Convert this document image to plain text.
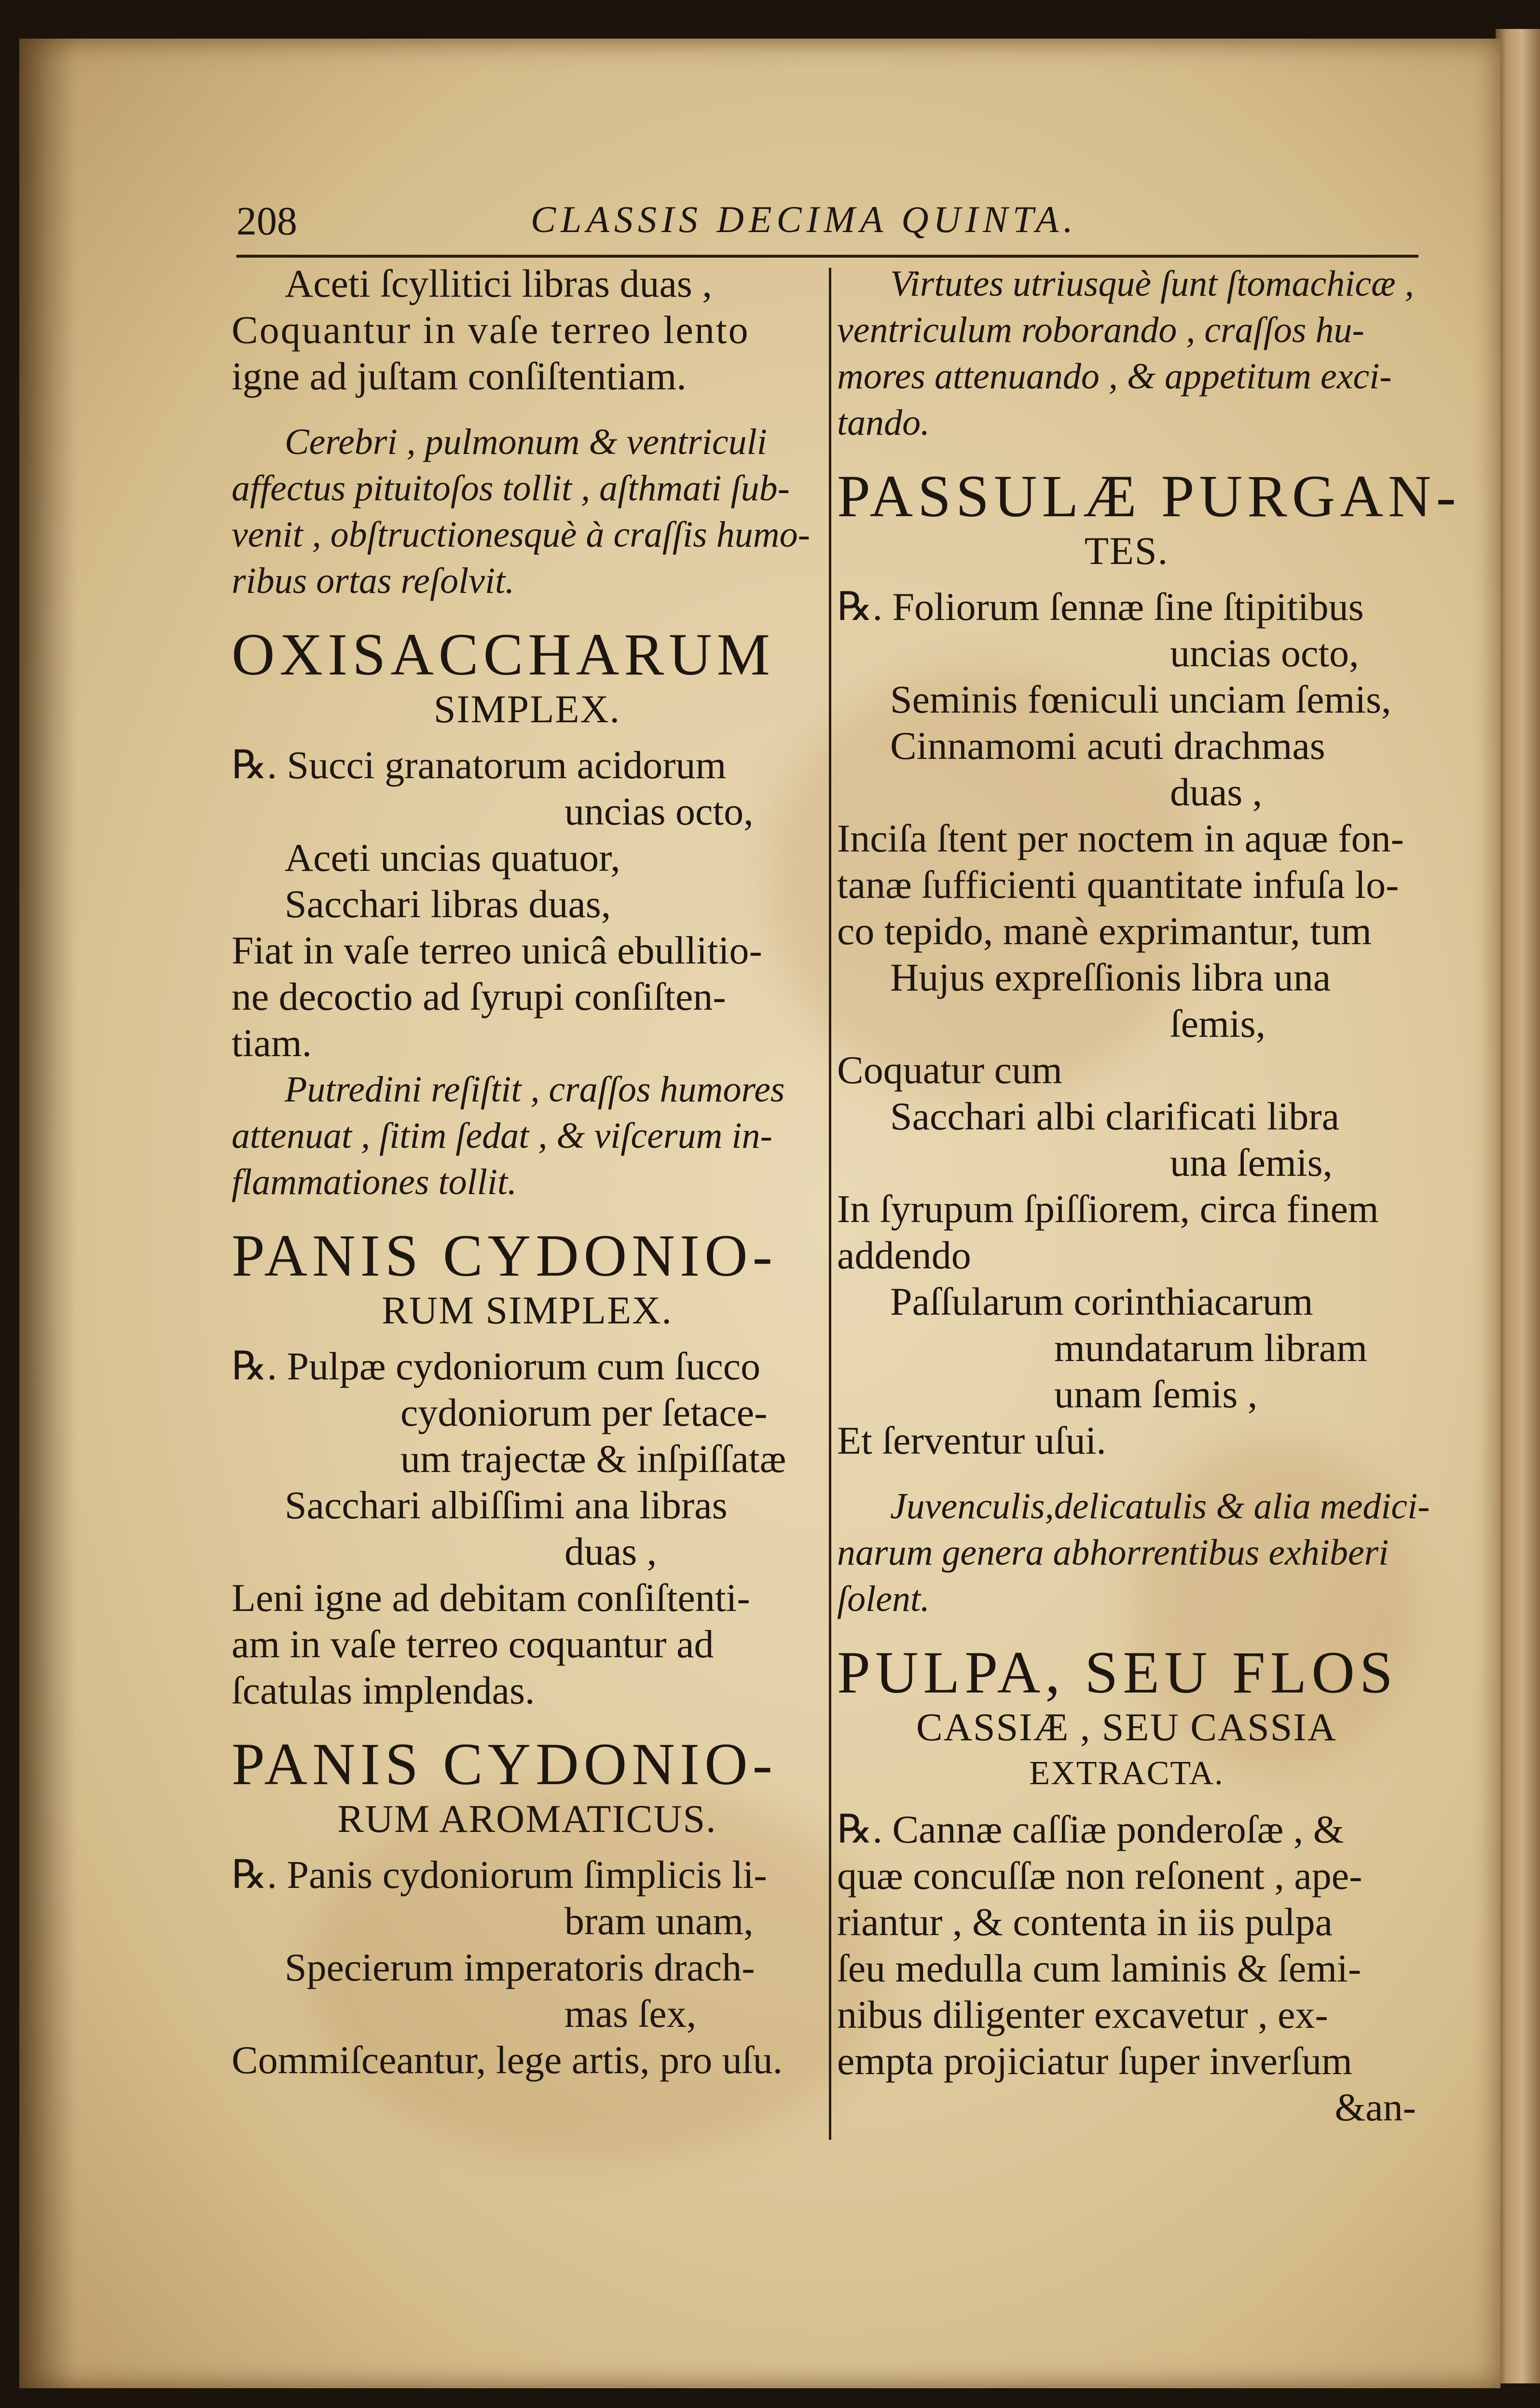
208	CLASSIS DECIMA QUINTA.
Aceti ſcyllitici libras duas ,
Coquantur in vaſe terreo lento
igne ad juſtam conſiſtentiam.
Cerebri , pulmonum & ventriculi
affectus pituitoſos tollit , aſthmati ſub-
venit , obſtructionesquè à craſſis humo-
ribus ortas reſolvit.
OXISACCHARUM
SIMPLEX.
℞. Succi granatorum acidorum
uncias octo,
Aceti uncias quatuor,
Sacchari libras duas,
Fiat in vaſe terreo unicâ ebullitio-
ne decoctio ad ſyrupi conſiſten-
tiam.
Putredini reſiſtit , craſſos humores
attenuat , ſitim ſedat , & viſcerum in-
flammationes tollit.
PANIS CYDONIO-
RUM SIMPLEX.
℞. Pulpæ cydoniorum cum ſucco
cydoniorum per ſetace-
um trajectæ & inſpiſſatæ
Sacchari albiſſimi ana libras
duas ,
Leni igne ad debitam conſiſtenti-
am in vaſe terreo coquantur ad
ſcatulas implendas.
PANIS CYDONIO-
RUM AROMATICUS.
℞. Panis cydoniorum ſimplicis li-
bram unam,
Specierum imperatoris drach-
mas ſex,
Commiſceantur, lege artis, pro uſu.
Virtutes utriusquè ſunt ſtomachicæ ,
ventriculum roborando , craſſos hu-
mores attenuando , & appetitum exci-
tando.
PASSULÆ PURGAN-
TES.
℞. Foliorum ſennæ ſine ſtipitibus
uncias octo,
Seminis fœniculi unciam ſemis,
Cinnamomi acuti drachmas
duas ,
Inciſa ſtent per noctem in aquæ fon-
tanæ ſufficienti quantitate infuſa lo-
co tepido, manè exprimantur, tum
Hujus expreſſionis libra una
ſemis,
Coquatur cum
Sacchari albi clarificati libra
una ſemis,
In ſyrupum ſpiſſiorem, circa finem
addendo
Paſſularum corinthiacarum
mundatarum libram
unam ſemis ,
Et ſerventur uſui.
Juvenculis,delicatulis & alia medici-
narum genera abhorrentibus exhiberi
ſolent.
PULPA, SEU FLOS
CASSIÆ , SEU CASSIA
EXTRACTA.
℞. Cannæ caſſiæ ponderoſæ , &
quæ concuſſæ non reſonent , ape-
riantur , & contenta in iis pulpa
ſeu medulla cum laminis & ſemi-
nibus diligenter excavetur , ex-
empta projiciatur ſuper inverſum
&an-
